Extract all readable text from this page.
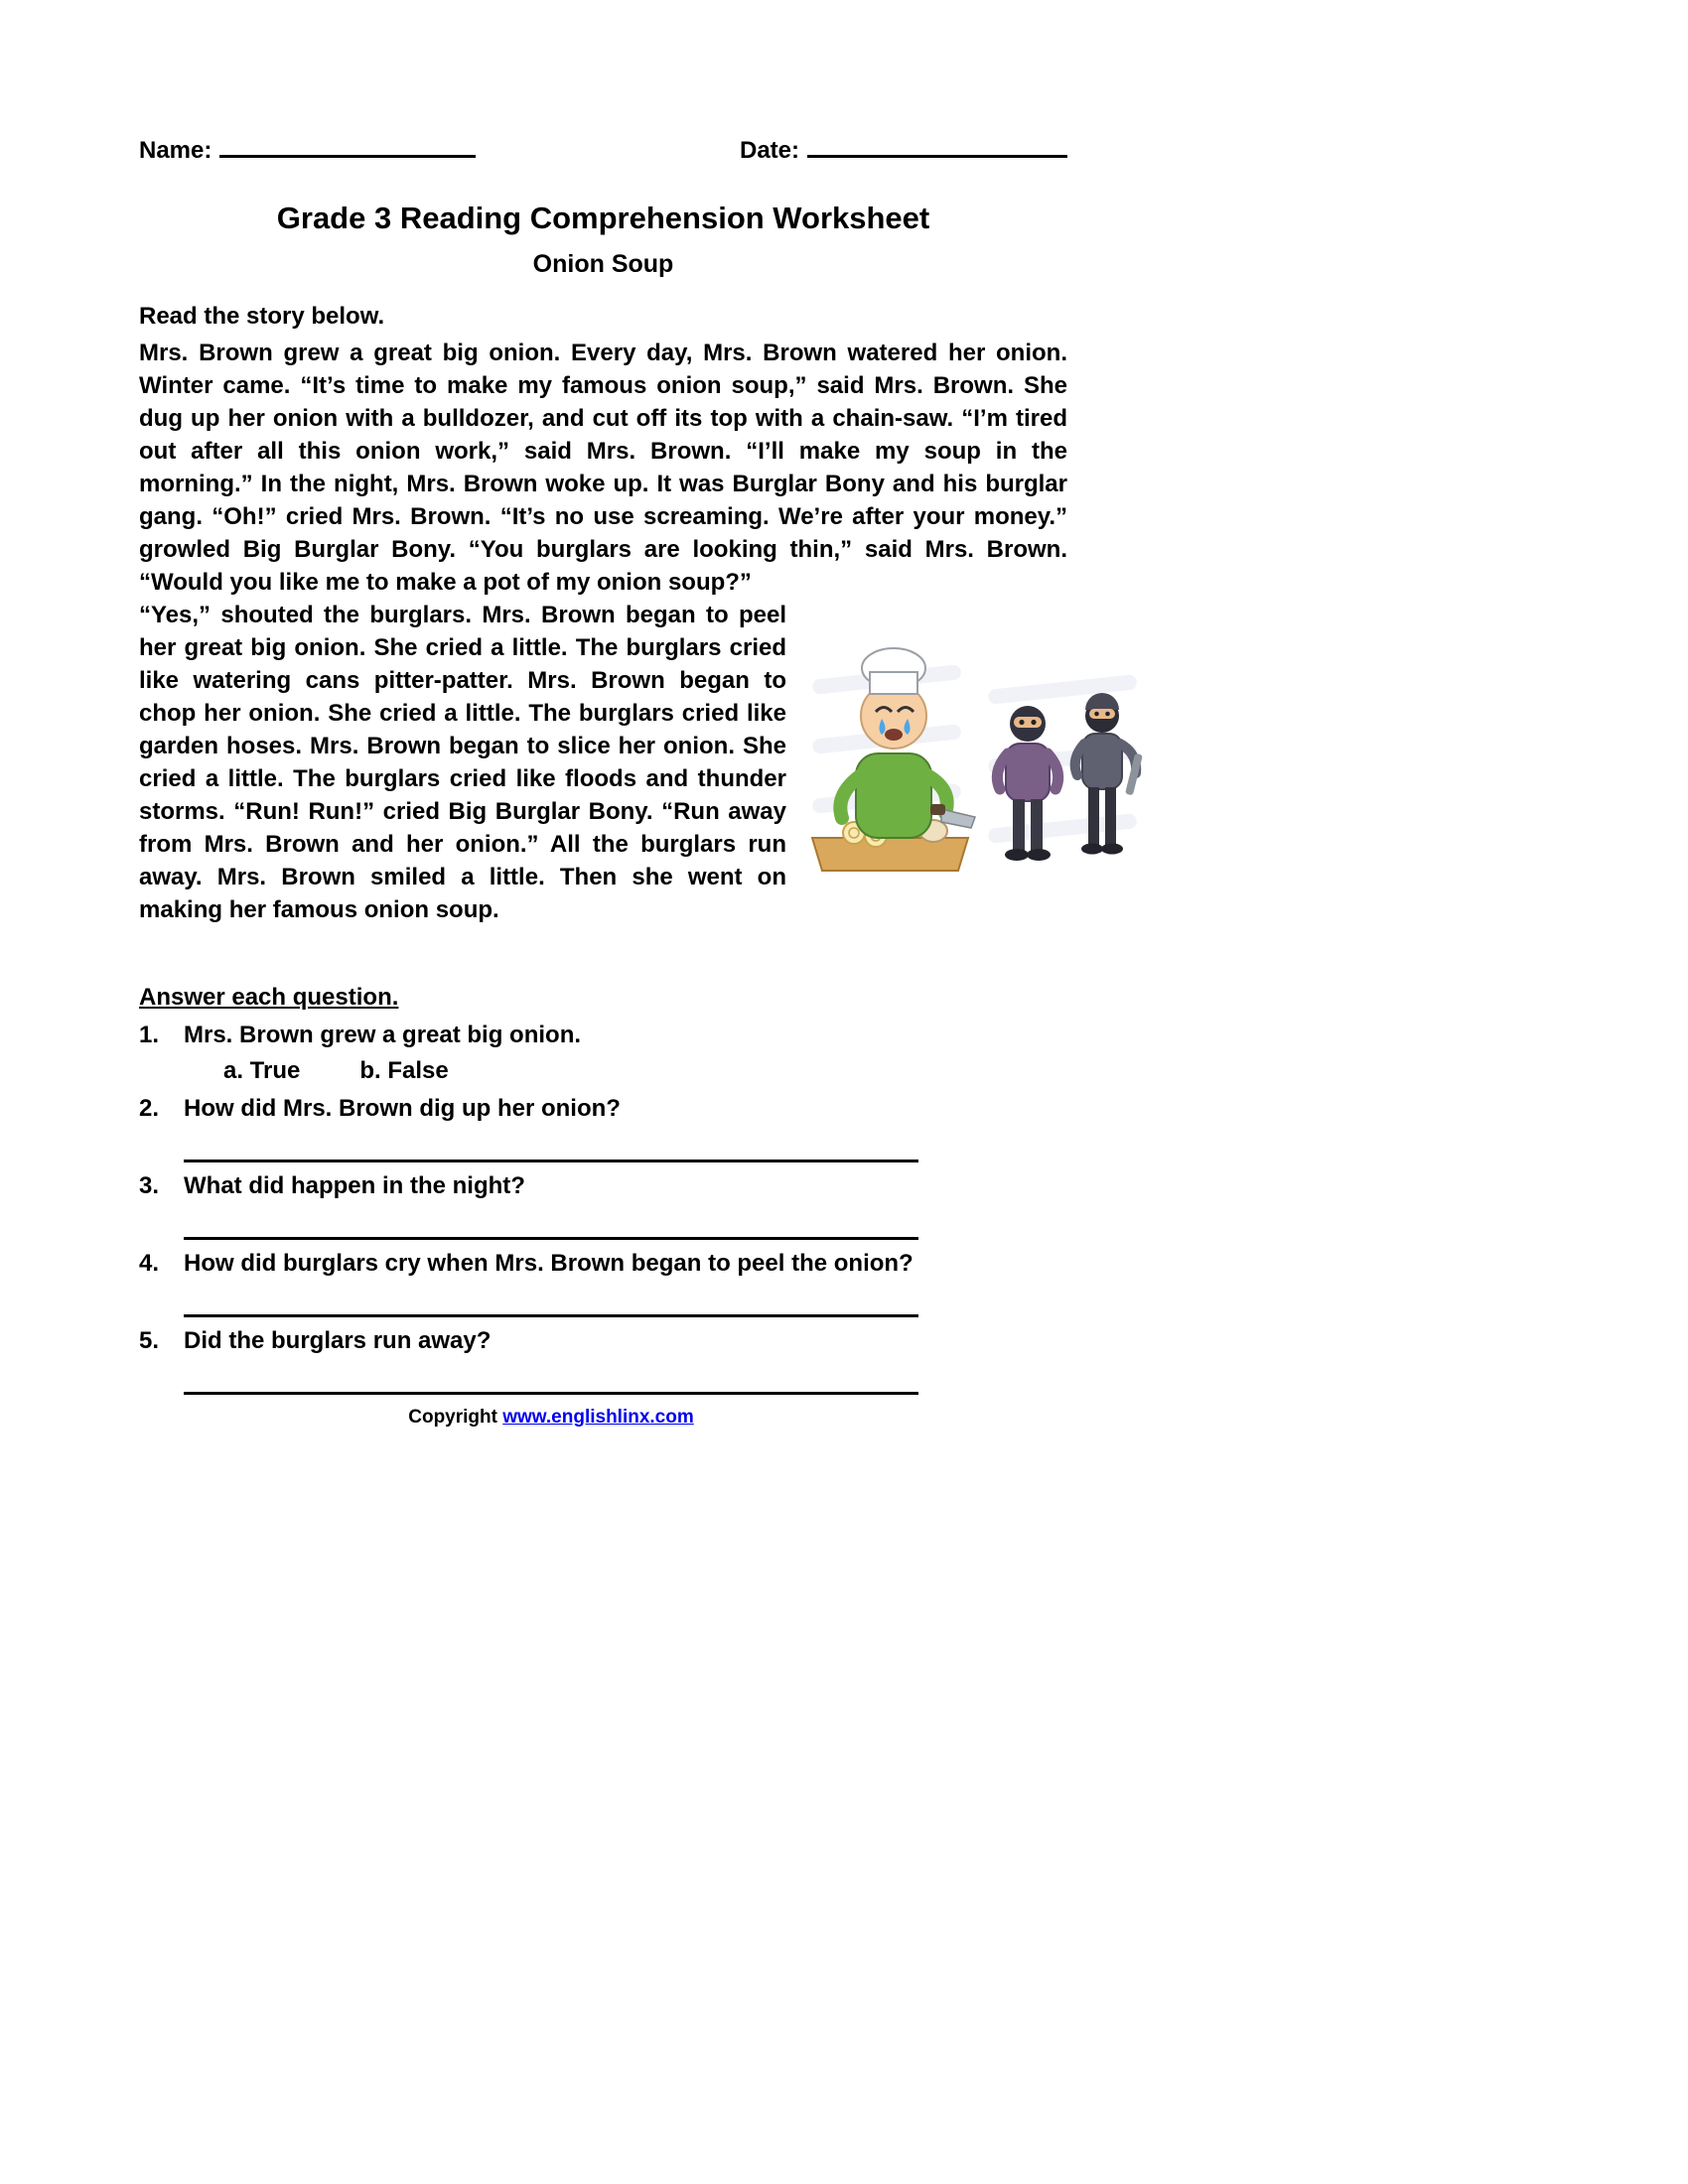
Name:	Date:
Grade 3 Reading Comprehension Worksheet
Onion Soup
Read the story below.
Mrs. Brown grew a great big onion. Every day, Mrs. Brown watered her onion. Winter came. “It’s time to make my famous onion soup,” said Mrs. Brown. She dug up her onion with a bulldozer, and cut off its top with a chain-saw. “I’m tired out after all this onion work,” said Mrs. Brown. “I’ll make my soup in the morning.” In the night, Mrs. Brown woke up. It was Burglar Bony and his burglar gang. “Oh!” cried Mrs. Brown. “It’s no use screaming. We’re after your money.” growled Big Burglar Bony. “You burglars are looking thin,” said Mrs. Brown. “Would you like me to make a pot of my onion soup?”
“Yes,” shouted the burglars. Mrs. Brown began to peel her great big onion. She cried a little. The burglars cried like watering cans pitter-patter. Mrs. Brown began to chop her onion. She cried a little. The burglars cried like garden hoses. Mrs. Brown began to slice her onion. She cried a little. The burglars cried like floods and thunder storms. “Run! Run!” cried Big Burglar Bony. “Run away from Mrs. Brown and her onion.” All the burglars run away. Mrs. Brown smiled a little. Then she went on making her famous onion soup.
Answer each question.
1.	Mrs. Brown grew a great big onion.
a. True	b. False
2.	How did Mrs. Brown dig up her onion?
3.	What did happen in the night?
4.	How did burglars cry when Mrs. Brown began to peel the onion?
5.	Did the burglars run away?
Copyright www.englishlinx.com
